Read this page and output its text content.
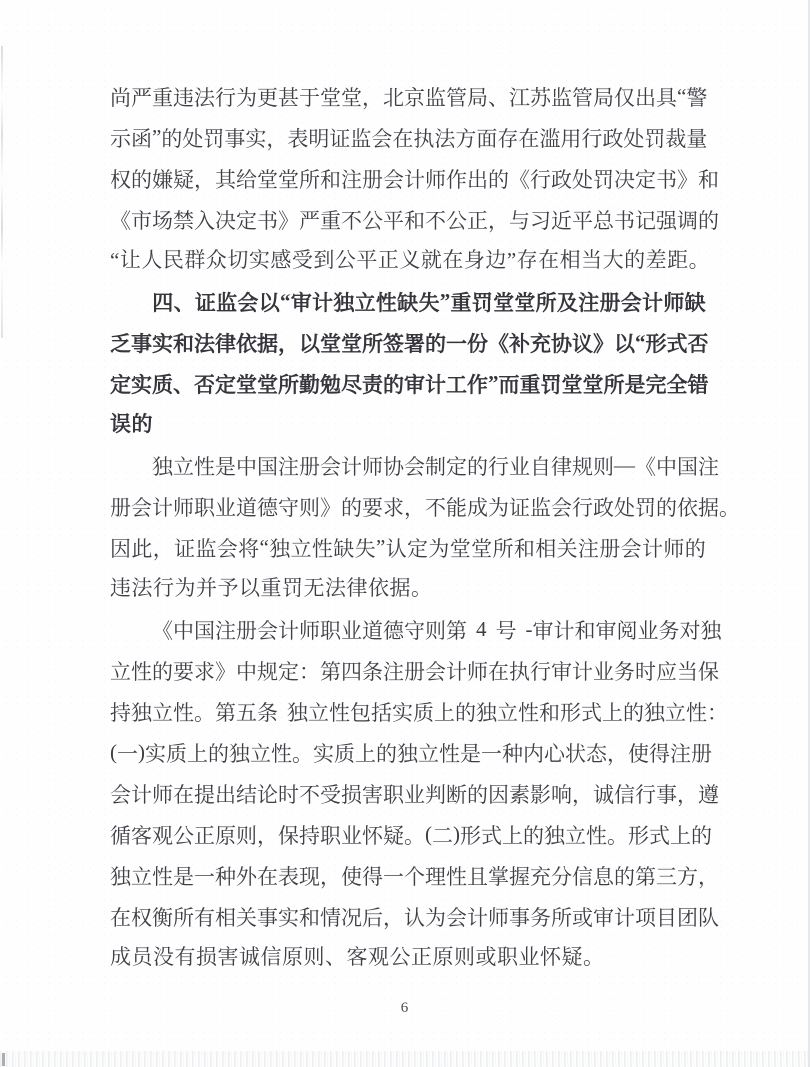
尚 严 重 违 法 行 为 更 甚 于 堂 堂 ， 北 京 监 管 局 、 江 苏 监 管 局 仅 出 具 “ 警
示 函 ” 的 处 罚 事 实 ， 表 明 证 监 会 在 执 法 方 面 存 在 滥 用 行 政 处 罚 裁 量
权 的 嫌 疑 ， 其 给 堂 堂 所 和 注 册 会 计 师 作 出 的 《 行 政 处 罚 决 定 书 》 和
《 市 场 禁 入 决 定 书 》 严 重 不 公 平 和 不 公 正 ， 与 习 近 平 总 书 记 强 调 的
“让人民群众切实感受到公平正义就在身边”存在相当大的差距。
四 、 证 监 会 以 “ 审 计 独 立 性 缺 失 ” 重 罚 堂 堂 所 及 注 册 会 计 师 缺
乏 事 实 和 法 律 依 据 ， 以 堂 堂 所 签 署 的 一 份 《 补 充 协 议 》 以 “ 形 式 否
定 实 质 、 否 定 堂 堂 所 勤 勉 尽 责 的 审 计 工 作 ” 而 重 罚 堂 堂 所 是 完 全 错
误的
独 立 性 是 中 国 注 册 会 计 师 协 会 制 定 的 行 业 自 律 规 则 — 《 中 国 注
册 会 计 师 职 业 道 德 守 则 》 的 要 求 ， 不 能 成 为 证 监 会 行 政 处 罚 的 依 据 。
因 此 ， 证 监 会 将 “ 独 立 性 缺 失 ” 认 定 为 堂 堂 所 和 相 关 注 册 会 计 师 的
违法行为并予以重罚无法律依据。
《 中 国 注 册 会 计 师 职 业 道 德 守 则 第 4 号 - 审 计 和 审 阅 业 务 对 独
立 性 的 要 求 》 中 规 定 ： 第 四 条 注 册 会 计 师 在 执 行 审 计 业 务 时 应 当 保
持 独 立 性 。 第 五 条 独 立 性 包 括 实 质 上 的 独 立 性 和 形 式 上 的 独 立 性 ：
( 一 ) 实 质 上 的 独 立 性 。 实 质 上 的 独 立 性 是 一 种 内 心 状 态 ， 使 得 注 册
会 计 师 在 提 出 结 论 时 不 受 损 害 职 业 判 断 的 因 素 影 响 ， 诚 信 行 事 ， 遵
循 客 观 公 正 原 则 ， 保 持 职 业 怀 疑 。 ( 二 ) 形 式 上 的 独 立 性 。 形 式 上 的
独 立 性 是 一 种 外 在 表 现 ， 使 得 一 个 理 性 且 掌 握 充 分 信 息 的 第 三 方 ，
在 权 衡 所 有 相 关 事 实 和 情 况 后 ， 认 为 会 计 师 事 务 所 或 审 计 项 目 团 队
成员没有损害诚信原则、客观公正原则或职业怀疑。
6
